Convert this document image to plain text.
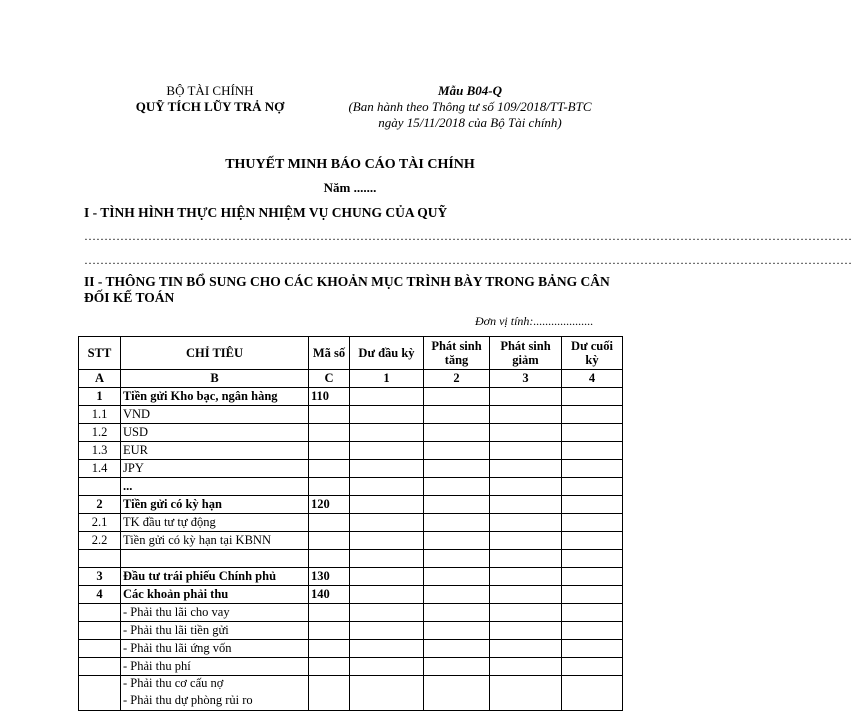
BỘ TÀI CHÍNH
QUỸ TÍCH LŨY TRẢ NỢ
Mẫu B04-Q
(Ban hành theo Thông tư số 109/2018/TT-BTC
ngày 15/11/2018 của Bộ Tài chính)
THUYẾT MINH BÁO CÁO TÀI CHÍNH
Năm .......
I - TÌNH HÌNH THỰC HIỆN NHIỆM VỤ CHUNG CỦA QUỸ
…………………………………………………………………………………………………………………………………………………………………………
…………………………………………………………………………………………………………………………………………………………………………
II - THÔNG TIN BỔ SUNG CHO CÁC KHOẢN MỤC TRÌNH BÀY TRONG BẢNG CÂN ĐỐI KẾ TOÁN
Đơn vị tính:....................
STT	CHỈ TIÊU	Mã số	Dư đầu kỳ	Phát sinh tăng	Phát sinh giảm	Dư cuối kỳ
A	B	C	1	2	3	4
1	Tiền gửi Kho bạc, ngân hàng	110				
1.1	VND					
1.2	USD					
1.3	EUR					
1.4	JPY					
	...					
2	Tiền gửi có kỳ hạn	120				
2.1	TK đầu tư tự động					
2.2	Tiền gửi có kỳ hạn tại KBNN					

3	Đầu tư trái phiếu Chính phủ	130				
4	Các khoản phải thu	140				
	- Phải thu lãi cho vay					
	- Phải thu lãi tiền gửi					
	- Phải thu lãi ứng vốn					
	- Phải thu phí					

	- Phải thu cơ cấu nợ
- Phải thu dự phòng rủi ro					
